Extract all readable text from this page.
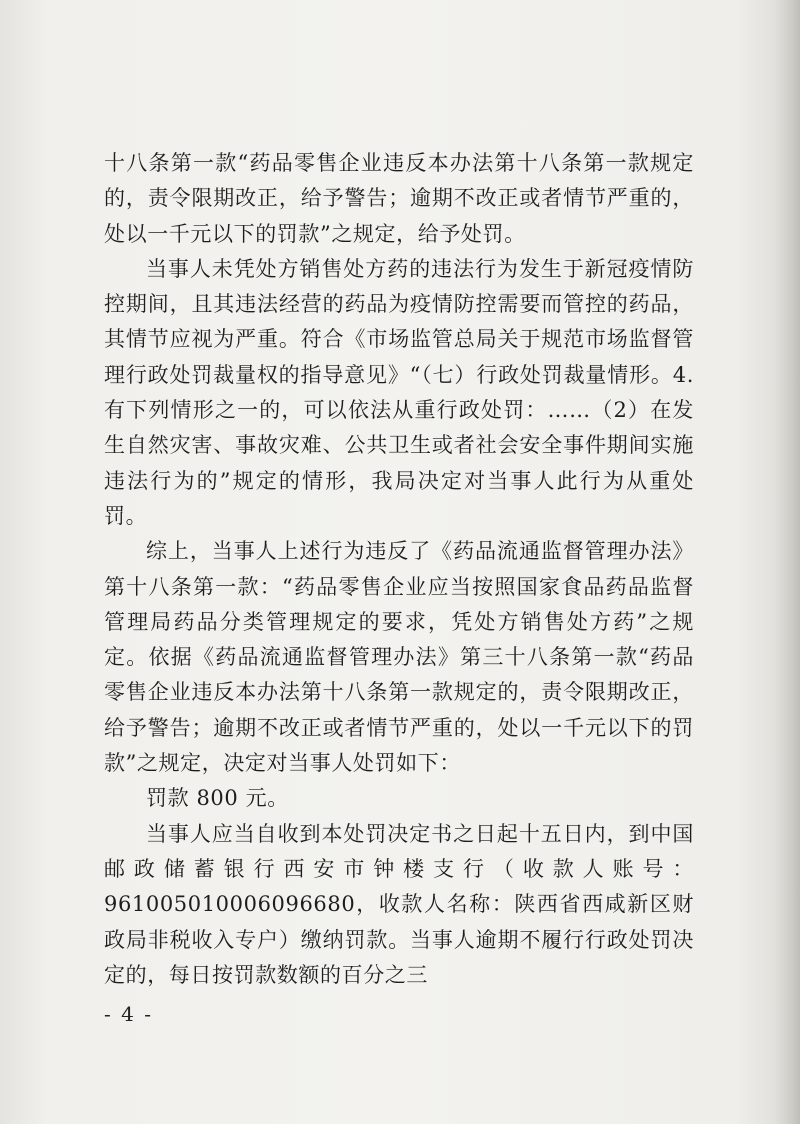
十八条第一款“药品零售企业违反本办法第十八条第一款规定的，责令限期改正，给予警告；逾期不改正或者情节严重的，处以一千元以下的罚款”之规定，给予处罚。

当事人未凭处方销售处方药的违法行为发生于新冠疫情防控期间，且其违法经营的药品为疫情防控需要而管控的药品，其情节应视为严重。符合《市场监管总局关于规范市场监督管理行政处罚裁量权的指导意见》“（七）行政处罚裁量情形。4. 有下列情形之一的，可以依法从重行政处罚：……（2）在发生自然灾害、事故灾难、公共卫生或者社会安全事件期间实施违法行为的”规定的情形，我局决定对当事人此行为从重处罚。

综上，当事人上述行为违反了《药品流通监督管理办法》第十八条第一款：“药品零售企业应当按照国家食品药品监督管理局药品分类管理规定的要求，凭处方销售处方药”之规定。依据《药品流通监督管理办法》第三十八条第一款“药品零售企业违反本办法第十八条第一款规定的，责令限期改正，给予警告；逾期不改正或者情节严重的，处以一千元以下的罚款”之规定，决定对当事人处罚如下：

罚款 800 元。

当事人应当自收到本处罚决定书之日起十五日内，到中国邮政储蓄银行西安市钟楼支行（收款人账号：961005010006096680，收款人名称：陕西省西咸新区财政局非税收入专户）缴纳罚款。当事人逾期不履行行政处罚决定的，每日按罚款数额的百分之三

- 4 -
